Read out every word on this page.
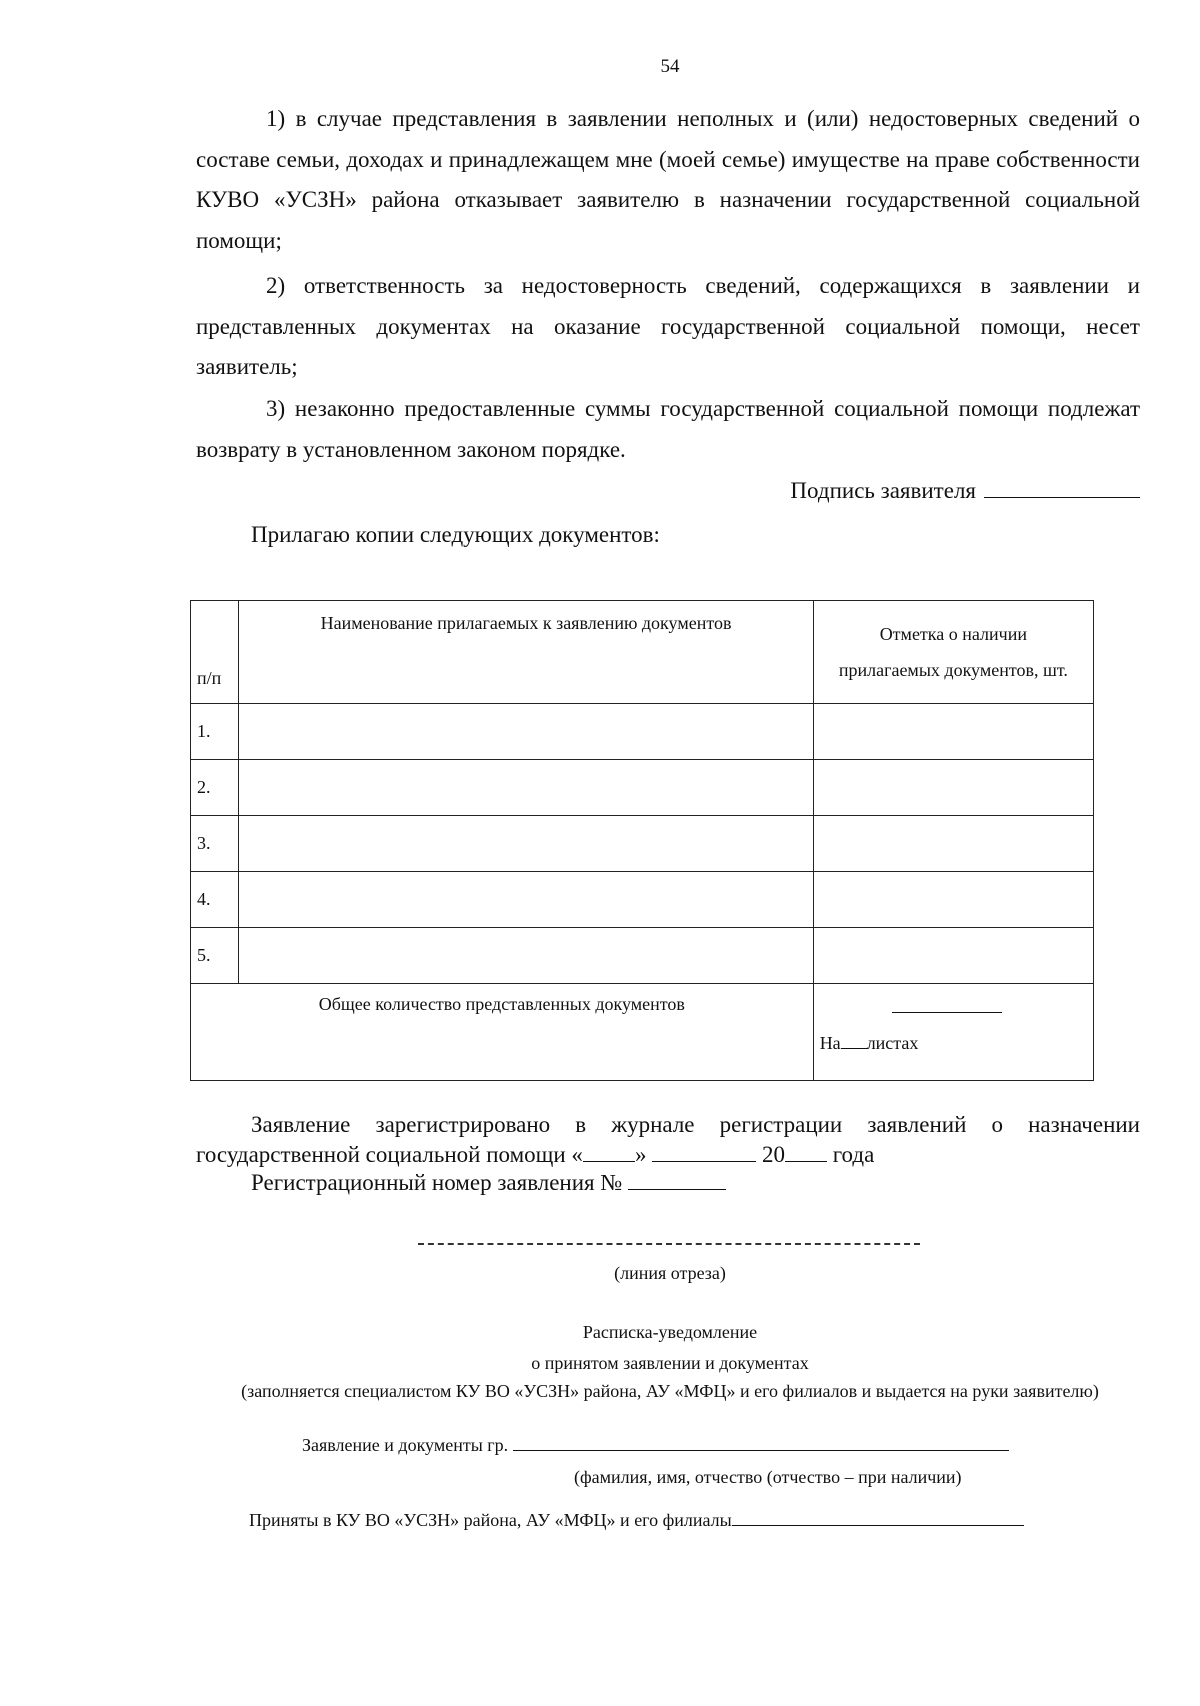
54
1) в случае представления в заявлении неполных и (или) недостоверных сведений о составе семьи, доходах и принадлежащем мне (моей семье) имуществе на праве собственности КУВО «УСЗН» района отказывает заявителю в назначении государственной социальной помощи;
2) ответственность за недостоверность сведений, содержащихся в заявлении и представленных документах на оказание государственной социальной помощи, несет заявитель;
3) незаконно предоставленные суммы государственной социальной помощи подлежат возврату в установленном законом порядке.
Подпись заявителя
Прилагаю копии следующих документов:
п/п	Наименование прилагаемых к заявлению документов	Отметка о наличии
прилагаемых документов, шт.

1.		
2.		
3.		
4.		
5.		
Общее количество представленных документов		На листах
Заявление зарегистрировано в журнале регистрации заявлений о назначении государственной социальной помощи « »	20 года
Регистрационный номер заявления №
(линия отреза)
Расписка-уведомление
о принятом заявлении и документах
(заполняется специалистом КУ ВО «УСЗН» района, АУ «МФЦ» и его филиалов и выдается на руки заявителю)
Заявление и документы гр.
(фамилия, имя, отчество (отчество – при наличии)
Приняты в КУ ВО «УСЗН» района, АУ «МФЦ» и его филиалы
